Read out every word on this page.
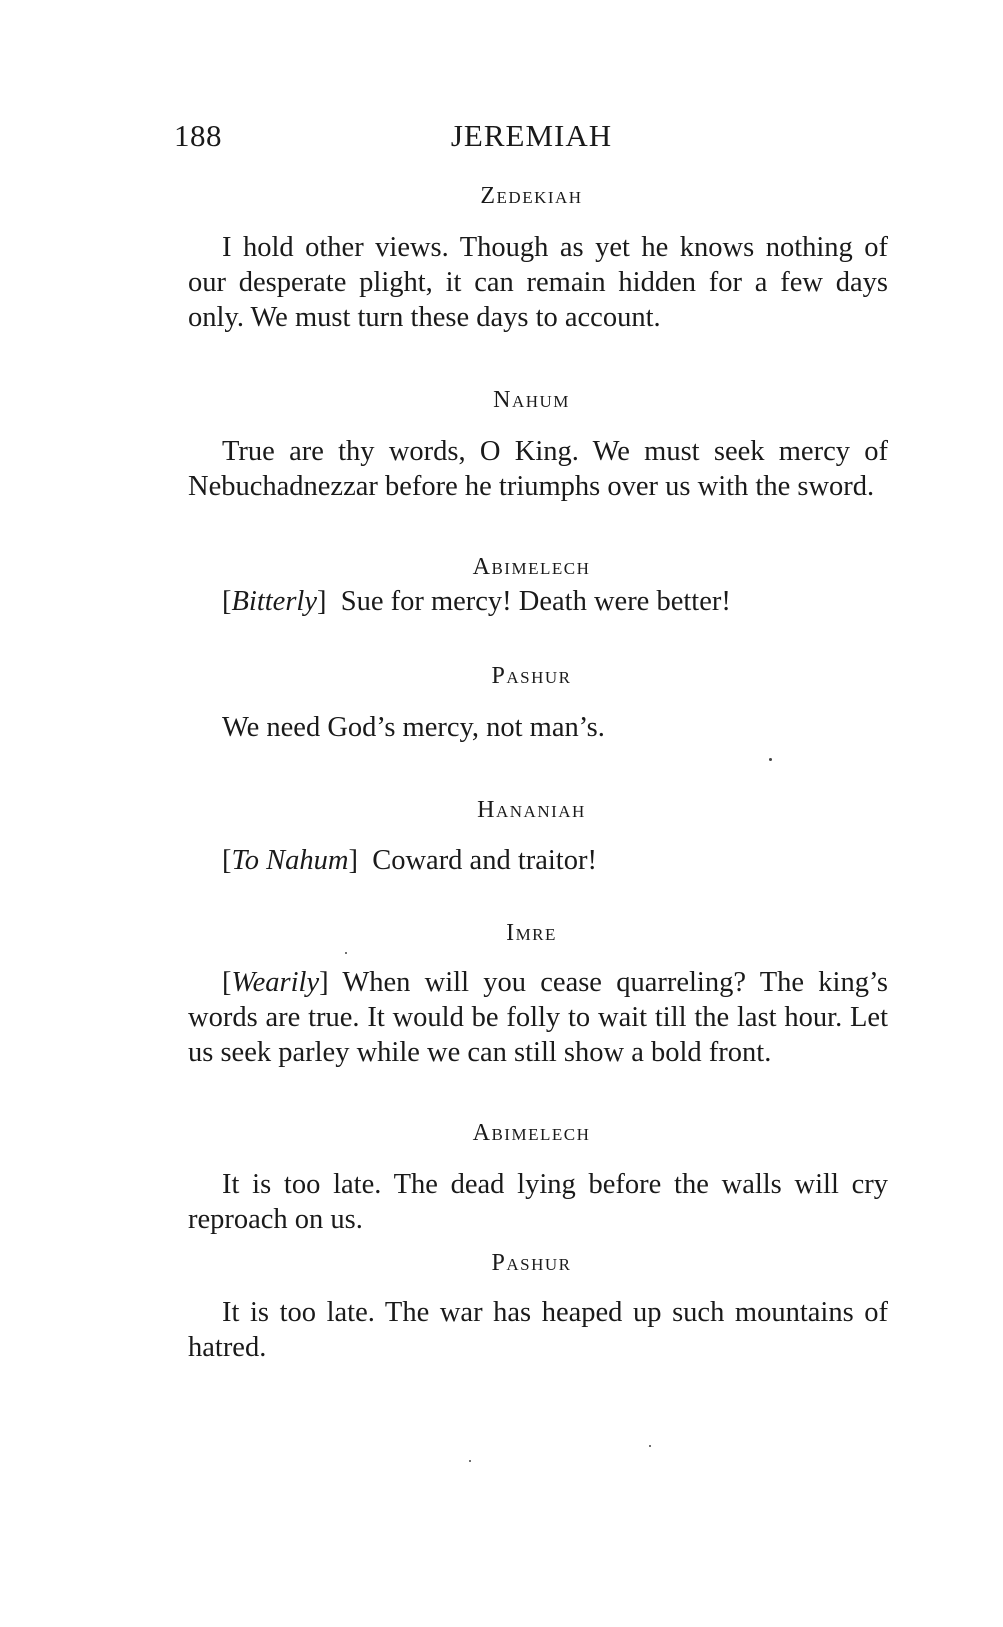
188	JEREMIAH
Zedekiah

I hold other views. Though as yet he knows nothing of our desperate plight, it can remain hidden for a few days only. We must turn these days to account.

Nahum

True are thy words, O King. We must seek mercy of Nebuchadnezzar before he triumphs over us with the sword.

Abimelech

[Bitterly] Sue for mercy! Death were better!

Pashur

We need God’s mercy, not man’s.

Hananiah

[To Nahum] Coward and traitor!

Imre

[Wearily] When will you cease quarreling? The king’s words are true. It would be folly to wait till the last hour. Let us seek parley while we can still show a bold front.

Abimelech

It is too late. The dead lying before the walls will cry reproach on us.

Pashur

It is too late. The war has heaped up such mountains of hatred.
